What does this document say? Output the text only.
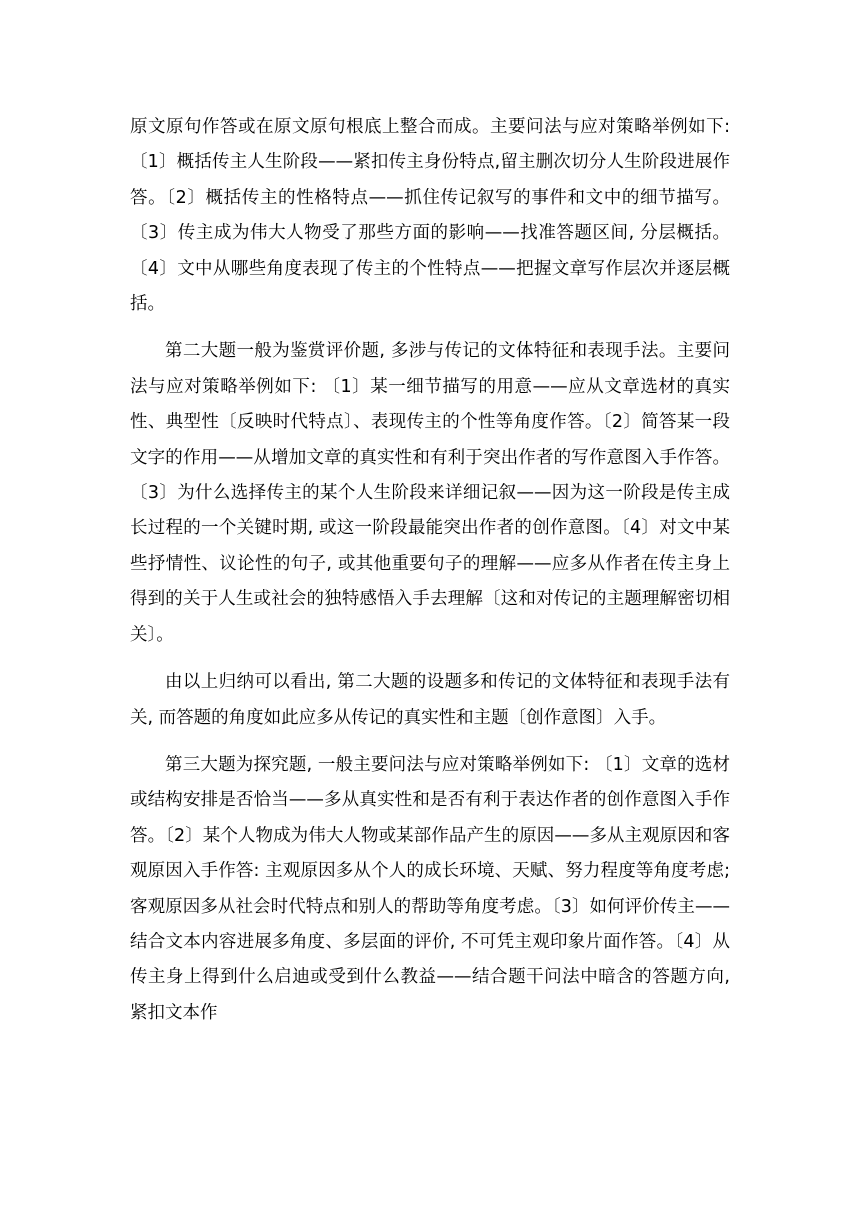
原文原句作答或在原文原句根底上整合而成。主要问法与应对策略举例如下:〔1〕概括传主人生阶段——紧扣传主身份特点,留主删次切分人生阶段进展作答。〔2〕概括传主的性格特点——抓住传记叙写的事件和文中的细节描写。〔3〕传主成为伟大人物受了那些方面的影响——找准答题区间, 分层概括。〔4〕文中从哪些角度表现了传主的个性特点——把握文章写作层次并逐层概括。

第二大题一般为鉴赏评价题, 多涉与传记的文体特征和表现手法。主要问法与应对策略举例如下: 〔1〕某一细节描写的用意——应从文章选材的真实性、典型性〔反映时代特点〕、表现传主的个性等角度作答。〔2〕简答某一段文字的作用——从增加文章的真实性和有利于突出作者的写作意图入手作答。〔3〕为什么选择传主的某个人生阶段来详细记叙——因为这一阶段是传主成长过程的一个关键时期, 或这一阶段最能突出作者的创作意图。〔4〕对文中某些抒情性、议论性的句子, 或其他重要句子的理解——应多从作者在传主身上得到的关于人生或社会的独特感悟入手去理解〔这和对传记的主题理解密切相关〕。

由以上归纳可以看出, 第二大题的设题多和传记的文体特征和表现手法有关, 而答题的角度如此应多从传记的真实性和主题〔创作意图〕入手。

第三大题为探究题, 一般主要问法与应对策略举例如下: 〔1〕文章的选材或结构安排是否恰当——多从真实性和是否有利于表达作者的创作意图入手作答。〔2〕某个人物成为伟大人物或某部作品产生的原因——多从主观原因和客观原因入手作答: 主观原因多从个人的成长环境、天赋、努力程度等角度考虑; 客观原因多从社会时代特点和别人的帮助等角度考虑。〔3〕如何评价传主——结合文本内容进展多角度、多层面的评价, 不可凭主观印象片面作答。〔4〕从传主身上得到什么启迪或受到什么教益——结合题干问法中暗含的答题方向, 紧扣文本作
